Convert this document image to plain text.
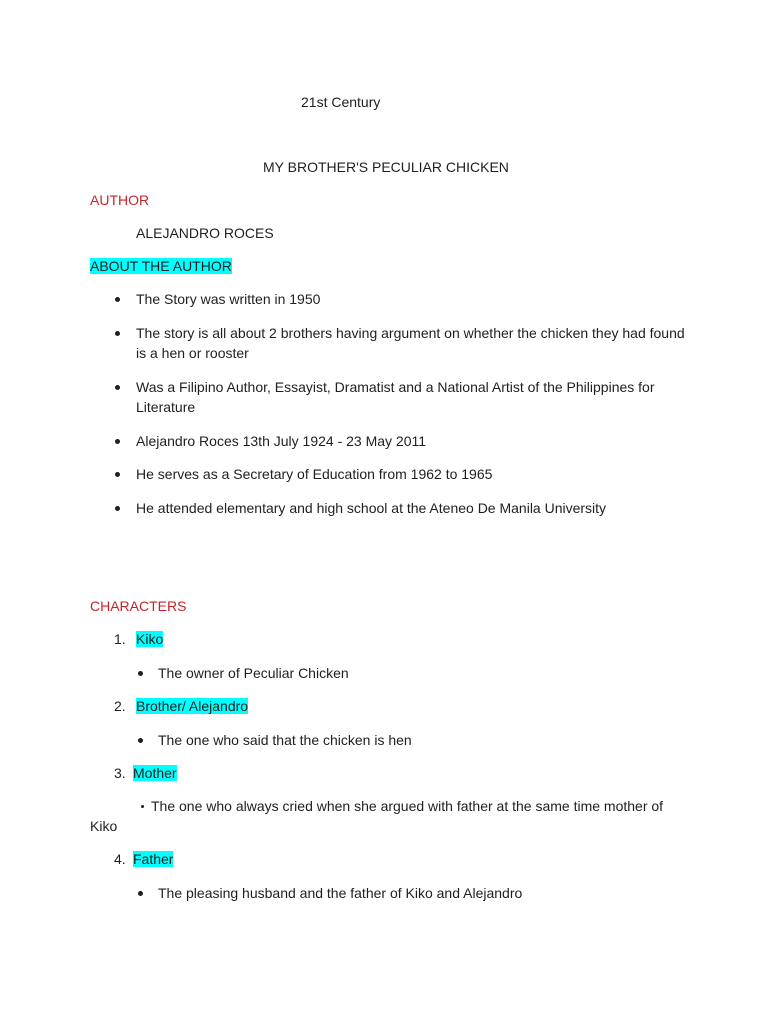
21st Century
MY BROTHER'S PECULIAR CHICKEN
AUTHOR
ALEJANDRO ROCES
ABOUT THE AUTHOR
The Story was written in 1950
The story is all about 2 brothers having argument on whether the chicken they had found
is a hen or rooster
Was a Filipino Author, Essayist, Dramatist and a National Artist of the Philippines for
Literature
Alejandro Roces 13th July 1924 - 23 May 2011
He serves as a Secretary of Education from 1962 to 1965
He attended elementary and high school at the Ateneo De Manila University
CHARACTERS
1. Kiko
The owner of Peculiar Chicken
2. Brother/ Alejandro
The one who said that the chicken is hen
3. Mother
The one who always cried when she argued with father at the same time mother of
Kiko
4. Father
The pleasing husband and the father of Kiko and Alejandro
